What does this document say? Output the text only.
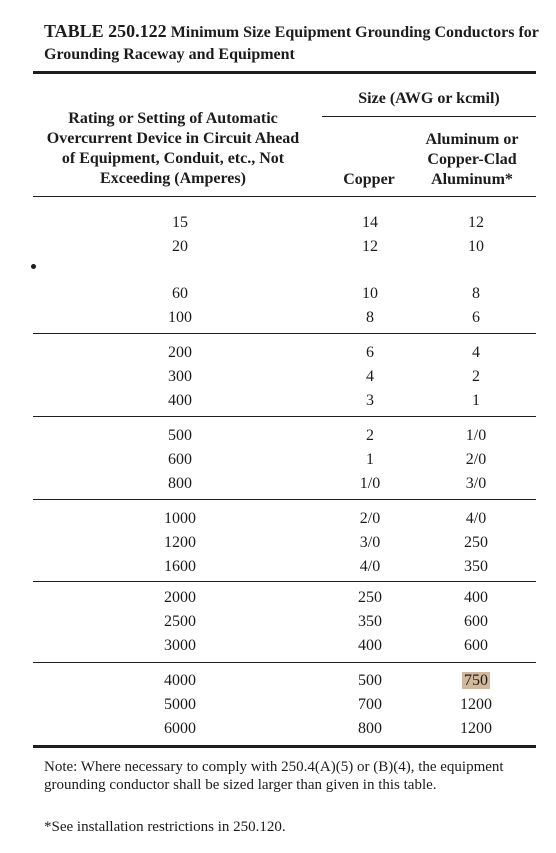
TABLE 250.122 Minimum Size Equipment Grounding Conductors for Grounding Raceway and Equipment
Rating or Setting of Automatic Overcurrent Device in Circuit Ahead of Equipment, Conduit, etc., Not Exceeding (Amperes)
Size (AWG or kcmil)
Copper
Aluminum or Copper-Clad Aluminum*
15	14	12
20	12	10
60	10	8
100	8	6
200	6	4
300	4	2
400	3	1
500	2	1/0
600	1	2/0
800	1/0	3/0
1000	2/0	4/0
1200	3/0	250
1600	4/0	350
2000	250	400
2500	350	600
3000	400	600
4000	500	750
5000	700	1200
6000	800	1200
Note: Where necessary to comply with 250.4(A)(5) or (B)(4), the equipment grounding conductor shall be sized larger than given in this table.
*See installation restrictions in 250.120.
